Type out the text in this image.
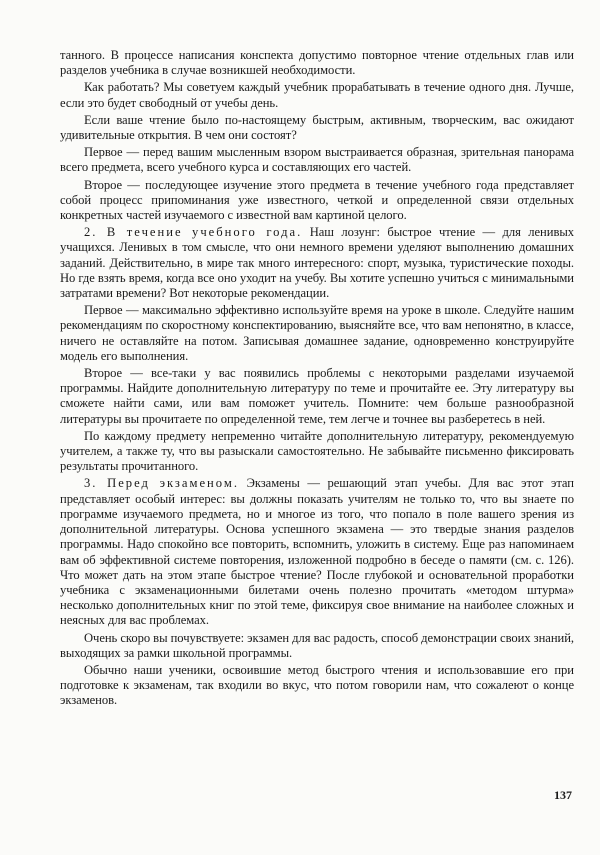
танного. В процессе написания конспекта допустимо повторное чтение отдельных глав или разделов учебника в случае возникшей необходимости.

Как работать? Мы советуем каждый учебник прорабатывать в течение одного дня. Лучше, если это будет свободный от учебы день.

Если ваше чтение было по-настоящему быстрым, активным, творческим, вас ожидают удивительные открытия. В чем они состоят?

Первое — перед вашим мысленным взором выстраивается образная, зрительная панорама всего предмета, всего учебного курса и составляющих его частей.

Второе — последующее изучение этого предмета в течение учебного года представляет собой процесс припоминания уже известного, четкой и определенной связи отдельных конкретных частей изучаемого с известной вам картиной целого.

2. В течение учебного года. Наш лозунг: быстрое чтение — для ленивых учащихся. Ленивых в том смысле, что они немного времени уделяют выполнению домашних заданий. Действительно, в мире так много интересного: спорт, музыка, туристические походы. Но где взять время, когда все оно уходит на учебу. Вы хотите успешно учиться с минимальными затратами времени? Вот некоторые рекомендации.

Первое — максимально эффективно используйте время на уроке в школе. Следуйте нашим рекомендациям по скоростному конспектированию, выясняйте все, что вам непонятно, в классе, ничего не оставляйте на потом. Записывая домашнее задание, одновременно конструируйте модель его выполнения.

Второе — все-таки у вас появились проблемы с некоторыми разделами изучаемой программы. Найдите дополнительную литературу по теме и прочитайте ее. Эту литературу вы сможете найти сами, или вам поможет учитель. Помните: чем больше разнообразной литературы вы прочитаете по определенной теме, тем легче и точнее вы разберетесь в ней.

По каждому предмету непременно читайте дополнительную литературу, рекомендуемую учителем, а также ту, что вы разыскали самостоятельно. Не забывайте письменно фиксировать результаты прочитанного.

3. Перед экзаменом. Экзамены — решающий этап учебы. Для вас этот этап представляет особый интерес: вы должны показать учителям не только то, что вы знаете по программе изучаемого предмета, но и многое из того, что попало в поле вашего зрения из дополнительной литературы. Основа успешного экзамена — это твердые знания разделов программы. Надо спокойно все повторить, вспомнить, уложить в систему. Еще раз напоминаем вам об эффективной системе повторения, изложенной подробно в беседе о памяти (см. с. 126). Что может дать на этом этапе быстрое чтение? После глубокой и основательной проработки учебника с экзаменационными билетами очень полезно прочитать «методом штурма» несколько дополнительных книг по этой теме, фиксируя свое внимание на наиболее сложных и неясных для вас проблемах.

Очень скоро вы почувствуете: экзамен для вас радость, способ демонстрации своих знаний, выходящих за рамки школьной программы.

Обычно наши ученики, освоившие метод быстрого чтения и использовавшие его при подготовке к экзаменам, так входили во вкус, что потом говорили нам, что сожалеют о конце экзаменов.

137
